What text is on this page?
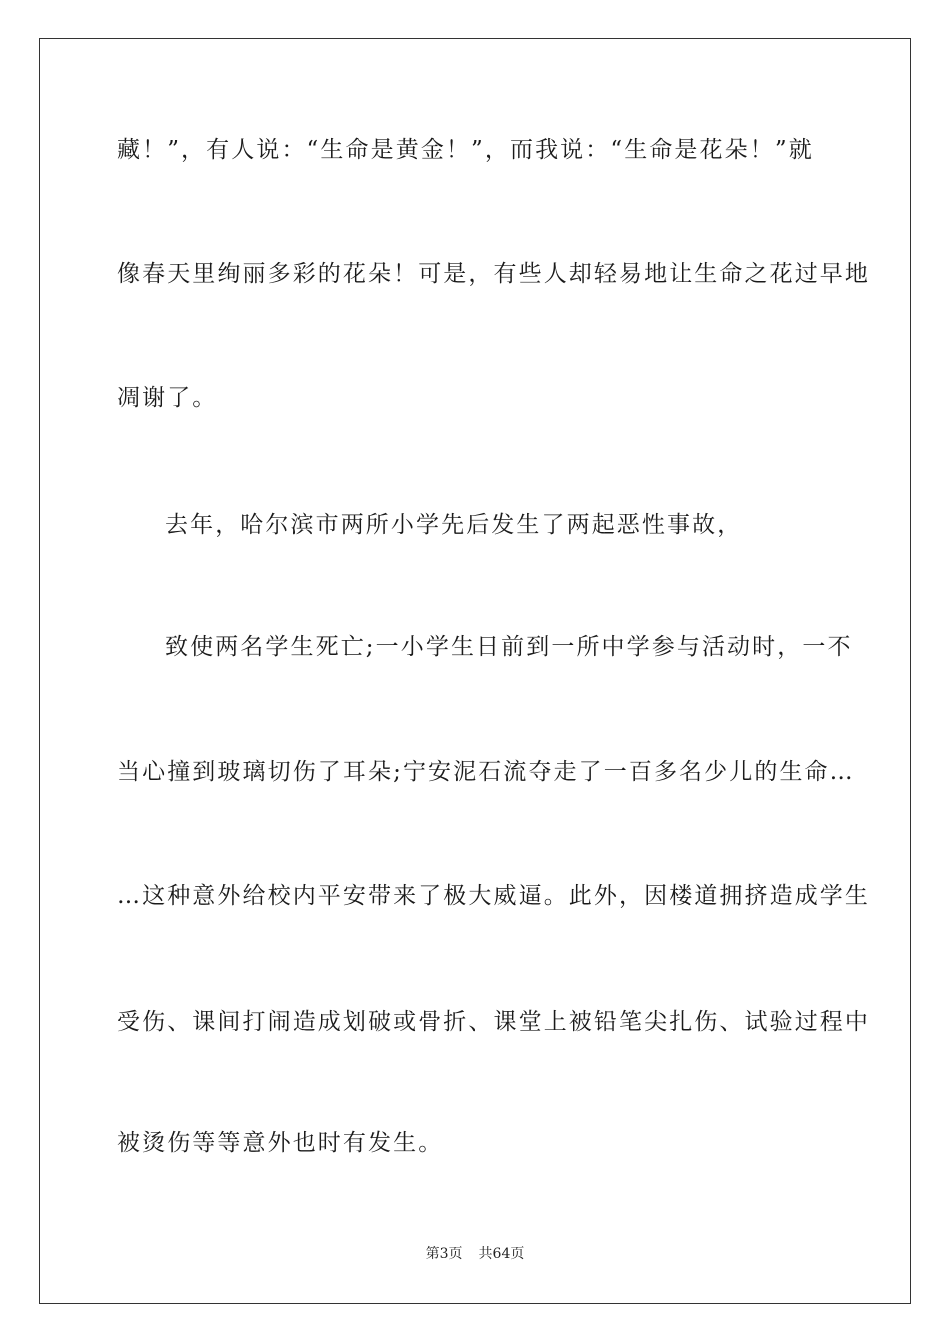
藏！”，有人说：“生命是黄金！”，而我说：“生命是花朵！”就

像春天里绚丽多彩的花朵！可是，有些人却轻易地让生命之花过早地

凋谢了。

去年，哈尔滨市两所小学先后发生了两起恶性事故，

致使两名学生死亡;一小学生日前到一所中学参与活动时，一不

当心撞到玻璃切伤了耳朵;宁安泥石流夺走了一百多名少儿的生命…

…这种意外给校内平安带来了极大威逼。此外，因楼道拥挤造成学生

受伤、课间打闹造成划破或骨折、课堂上被铅笔尖扎伤、试验过程中

被烫伤等等意外也时有发生。

第3页 共64页
